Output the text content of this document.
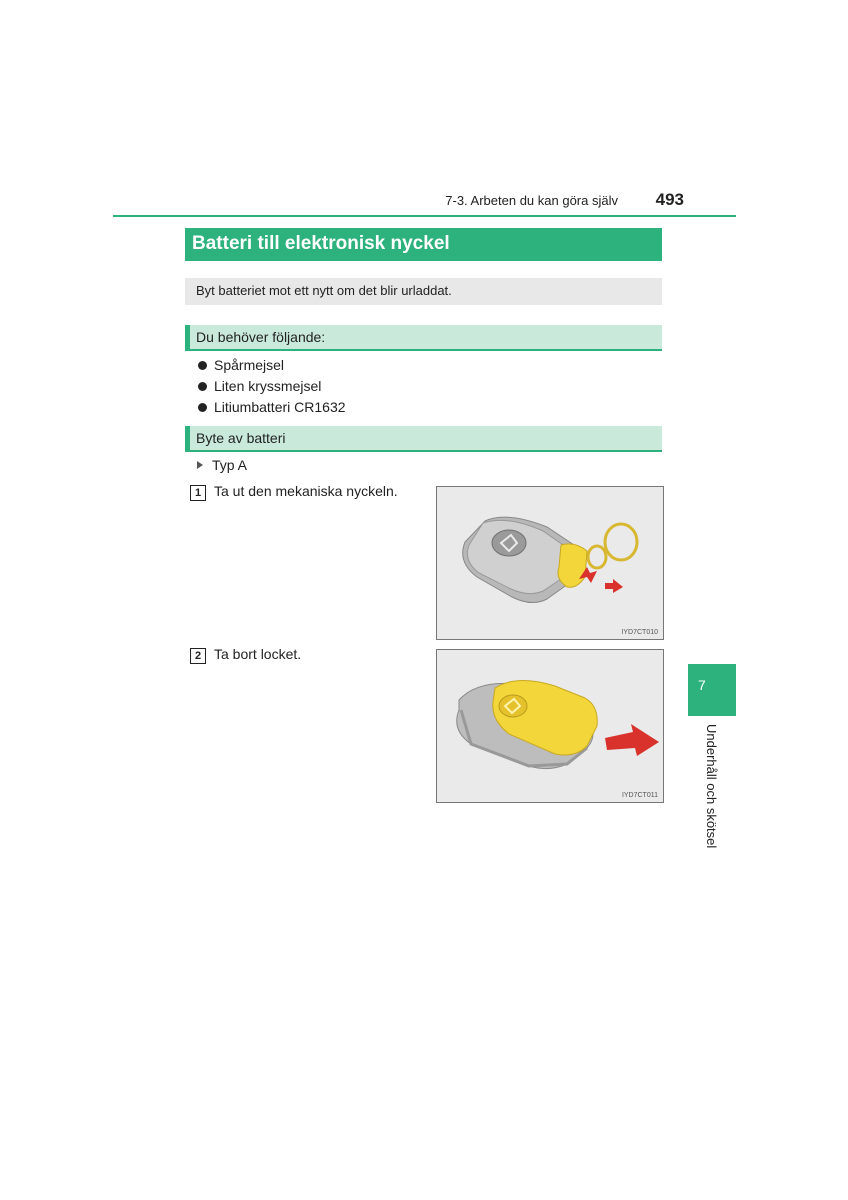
7-3. Arbeten du kan göra själv	493
Batteri till elektronisk nyckel
Byt batteriet mot ett nytt om det blir urladdat.
Du behöver följande:
Spårmejsel
Liten kryssmejsel
Litiumbatteri CR1632
Byte av batteri
Typ A
1 Ta ut den mekaniska nyckeln.
IYD7CT010
2 Ta bort locket.
IYD7CT011
7
Underhåll och skötsel
